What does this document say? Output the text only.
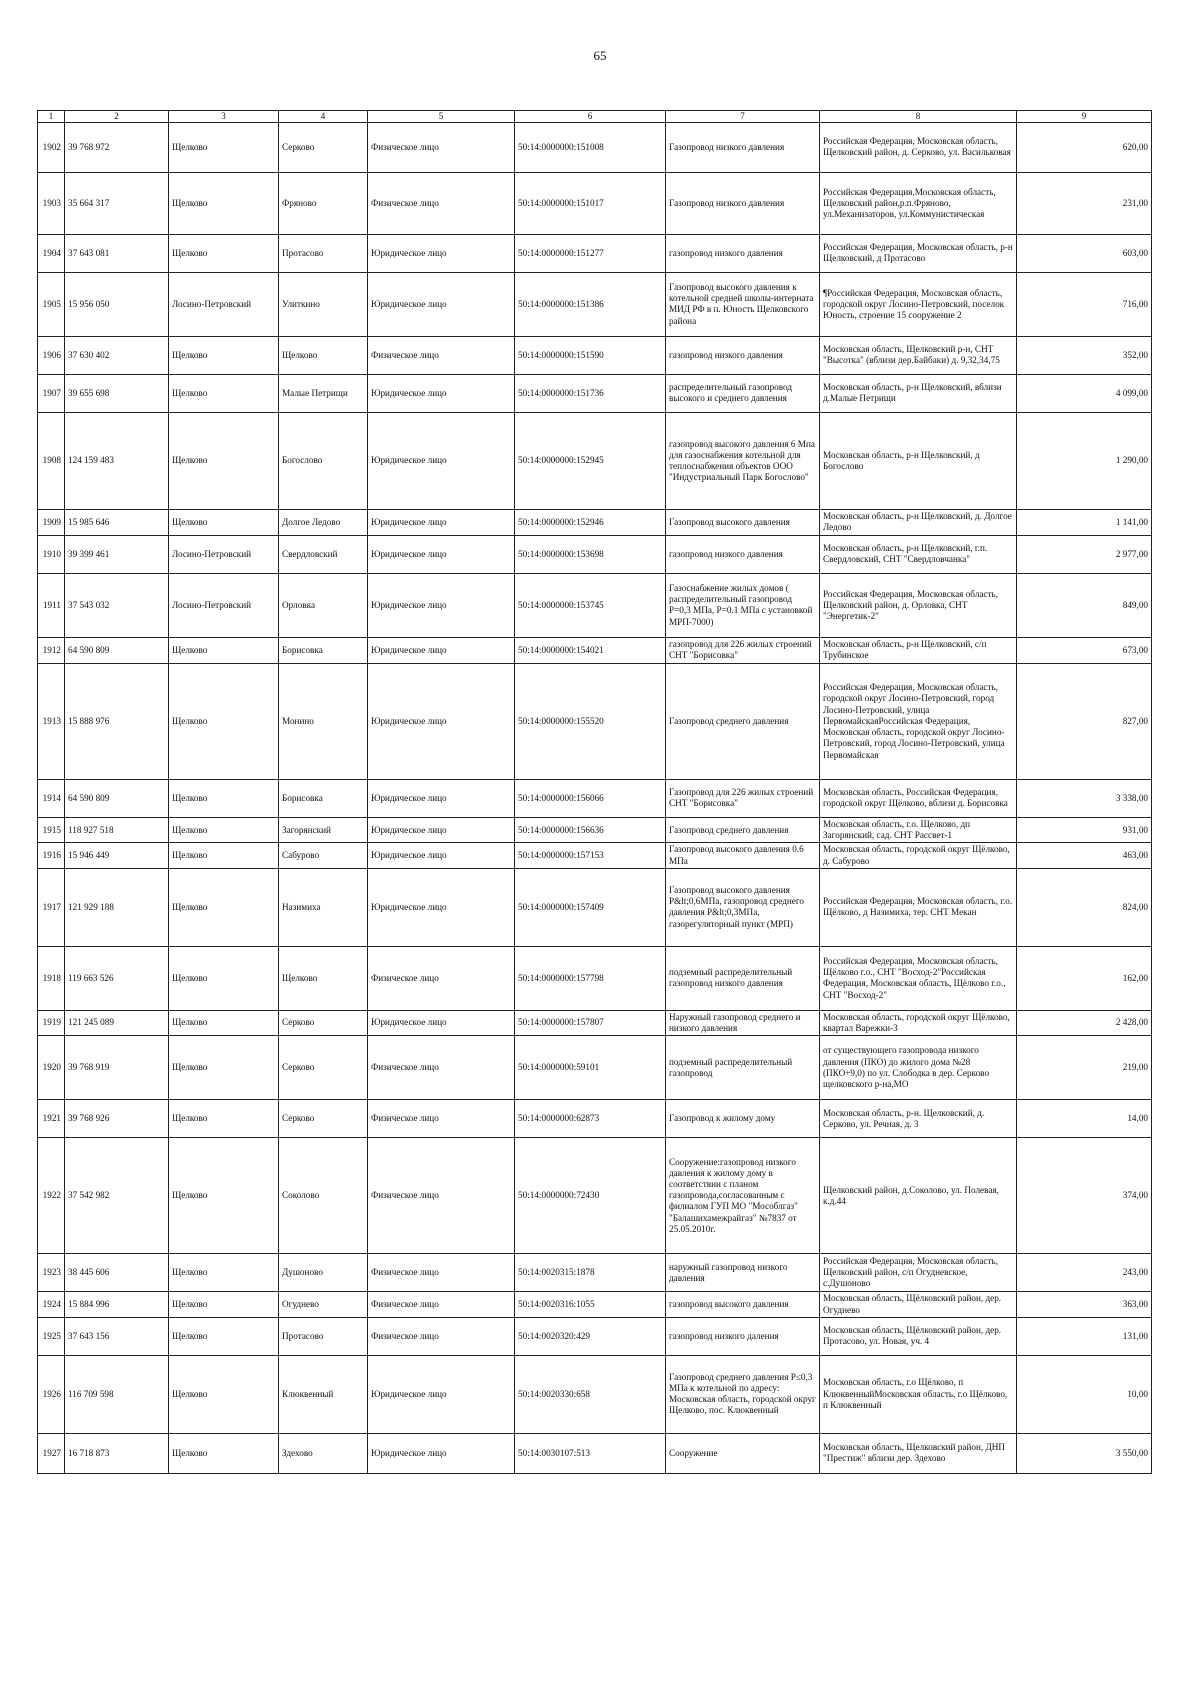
65
1	2	3	4	5	6	7	8	9
1902	39 768 972	Щелково	Серково	Физическое лицо	50:14:0000000:151008	Газопровод низкого давления	Российская Федерация, Московская область, Щелковский район, д. Серково, ул. Васильковая	620,00
1903	35 664 317	Щелково	Фряново	Физическое лицо	50:14:0000000:151017	Газопровод низкого давления	Российская Федерация,Московская область, Щелковский район,р.п.Фряново, ул.Механизаторов, ул.Коммунистическая	231,00
1904	37 643 081	Щелково	Протасово	Юридическое лицо	50:14:0000000:151277	газопровод низкого давления	Российская Федерация, Московская область, р-н Щелковский, д Протасово	603,00
1905	15 956 050	Лосино-Петровский	Улиткино	Юридическое лицо	50:14:0000000:151386	Газопровод высокого давления к котельной средней школы-интерната МИД РФ в п. Юность Щелковского района	¶Российская Федерация, Московская область, городской округ Лосино-Петровский, поселок Юность, строение 15 сооружение 2	716,00
1906	37 630 402	Щелково	Щелково	Физическое лицо	50:14:0000000:151590	газопровод низкого давления	Московская область, Щелковский р-н, СНТ "Высотка" (вблизи дер.Байбаки) д. 9,32,34,75	352,00
1907	39 655 698	Щелково	Малые Петрищи	Юридическое лицо	50:14:0000000:151736	распределительный газопровод высокого и среднего давления	Московская область, р-н Щелковский, вблизи д.Малые Петрищи	4 099,00
1908	124 159 483	Щелково	Богослово	Юридическое лицо	50:14:0000000:152945	газопровод высокого давления 6 Мпа для газоснабжения котельной для теплоснабжения объектов ООО "Индустриальный Парк Богослово"	Московская область, р-н Щелковский, д Богослово	1 290,00
1909	15 985 646	Щелково	Долгое Ледово	Юридическое лицо	50:14:0000000:152946	Газопровод высокого давления	Московская область, р-н Щелковский, д. Долгое Ледово	1 141,00
1910	39 399 461	Лосино-Петровский	Свердловский	Юридическое лицо	50:14:0000000:153698	газопровод низкого давления	Московская область, р-н Щелковский, г.п. Свердловский, СНТ "Свердловчанка"	2 977,00
1911	37 543 032	Лосино-Петровский	Орловка	Юридическое лицо	50:14:0000000:153745	Газоснабжение жилых домов ( распределительный газопровод Р=0,3 МПа, Р=0.1 МПа с установкой МРП-7000)	Российская Федерация, Московская область, Щелковский район, д. Орловка, СНТ "Энергетик-2"	849,00
1912	64 590 809	Щелково	Борисовка	Юридическое лицо	50:14:0000000:154021	газопровод для 226 жилых строений СНТ "Борисовка"	Московская область, р-н Щелковский, с/п Трубинское	673,00
1913	15 888 976	Щелково	Монино	Юридическое лицо	50:14:0000000:155520	Газопровод среднего давления	Российская Федерация, Московская область, городской округ Лосино-Петровский, город Лосино-Петровский, улица ПервомайскаяРоссийская Федерация, Московская область, городской округ Лосино-Петровский, город Лосино-Петровский, улица Первомайская	827,00
1914	64 590 809	Щелково	Борисовка	Юридическое лицо	50:14:0000000:156066	Газопровод для 226 жилых строений СНТ "Борисовка"	Московская область, Российская Федерация, городской округ Щёлково, вблизи д. Борисовка	3 338,00
1915	118 927 518	Щелково	Загорянский	Юридическое лицо	50:14:0000000:156636	Газопровод среднего давления	Московская область, г.о. Щелково, дп Загорянский, сад. СНТ Рассвет-1	931,00
1916	15 946 449	Щелково	Сабурово	Юридическое лицо	50:14:0000000:157153	Газопровод высокого давления 0.6 МПа	Московская область, городской округ Щёлково, д. Сабурово	463,00
1917	121 929 188	Щелково	Назимиха	Юридическое лицо	50:14:0000000:157409	Газопровод высокого давления P&lt;0,6МПа, газопровод среднего давления P&lt;0,3МПа, газорегуляторный пункт (МРП)	Российская Федерация, Московская область, г.о. Щёлково, д Назимиха, тер. СНТ Мекан	824,00
1918	119 663 526	Щелково	Щелково	Физическое лицо	50:14:0000000:157798	подземный распределительный газопровод низкого давления	Российская Федерация, Московская область, Щёлково г.о., СНТ "Восход-2"Российская Федерация, Московская область, Щёлково г.о., СНТ "Восход-2"	162,00
1919	121 245 089	Щелково	Серково	Юридическое лицо	50:14:0000000:157807	Наружный газопровод среднего и низкого давления	Московская область, городской округ Щёлково, квартал Варежки-3	2 428,00
1920	39 768 919	Щелково	Серково	Физическое лицо	50:14:0000000:59101	подземный распределительный газопровод	от существующего газопровода низкого давления (ПКО) до жилого дома №28 (ПКО+9,0) по ул. Слободка в дер. Серково щелковского р-на,МО	219,00
1921	39 768 926	Щелково	Серково	Физическое лицо	50:14:0000000:62873	Газопровод к жилому дому	Московская область, р-н. Щелковский, д. Серково, ул. Речная, д. 3	14,00
1922	37 542 982	Щелково	Соколово	Физическое лицо	50:14:0000000:72430	Сооружение:газопровод низкого давления к жилому дому в соответствии с планом газопровода,согласованным с филиалом ГУП МО "Мособлгаз" "Балашихамежрайгаз" №7837 от 25.05.2010г.	Щелковский район, д.Соколово, ул. Полевая, к.д.44	374,00
1923	38 445 606	Щелково	Душоново	Физическое лицо	50:14:0020315:1878	наружный газопровод низкого давления	Российская Федерация, Московская область, Щелковский район, с/п Огудневское, с.Душоново	243,00
1924	15 884 996	Щелково	Огуднево	Физическое лицо	50:14:0020316:1055	газопровод высокого давления	Московская область, Щёлковский район, дер. Огуднево	363,00
1925	37 643 156	Щелково	Протасово	Физическое лицо	50:14:0020320:429	газопровод низкого даления	Московская область, Щёлковский район, дер. Протасово, ул. Новая, уч. 4	131,00
1926	116 709 598	Щелково	Клюквенный	Юридическое лицо	50:14:0020330:658	Газопровод среднего давления Р≤0,3 МПа к котельной по адресу: Московская область, городской округ Щелково, пос. Клюквенный	Московская область, г.о Щёлково, п КлюквенныйМосковская область, г.о Щёлково, п Клюквенный	10,00
1927	16 718 873	Щелково	Здехово	Юридическое лицо	50:14:0030107:513	Сооружение	Московская область, Щелковский район, ДНП "Престиж" вблизи дер. Здехово	3 550,00
